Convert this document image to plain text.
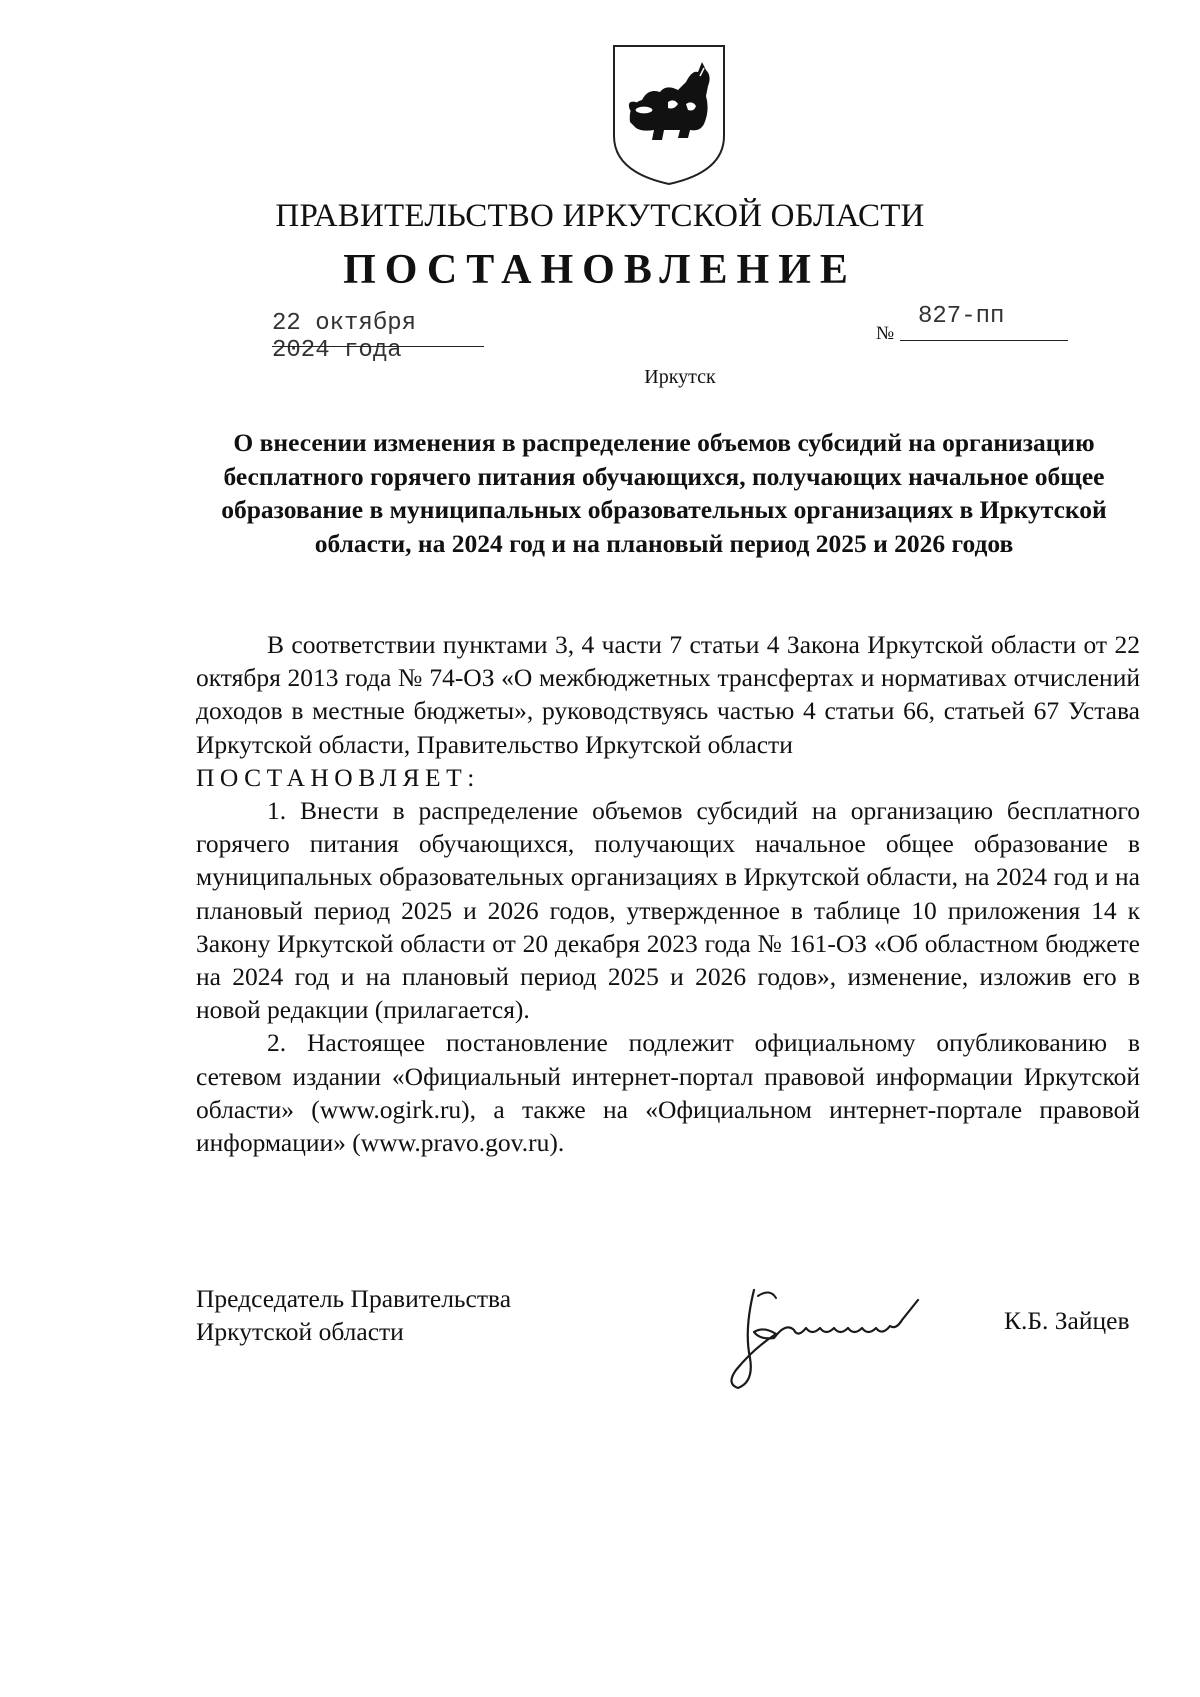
ПРАВИТЕЛЬСТВО ИРКУТСКОЙ ОБЛАСТИ
ПОСТАНОВЛЕНИЕ
22 октября 2024 года
№
827-пп
Иркутск
О внесении изменения в распределение объемов субсидий на организацию бесплатного горячего питания обучающихся, получающих начальное общее образование в муниципальных образовательных организациях в Иркутской области, на 2024 год и на плановый период 2025 и 2026 годов

В соответствии пунктами 3, 4 части 7 статьи 4 Закона Иркутской области от 22 октября 2013 года № 74-ОЗ «О межбюджетных трансфертах и нормативах отчислений доходов в местные бюджеты», руководствуясь частью 4 статьи 66, статьей 67 Устава Иркутской области, Правительство Иркутской области

ПОСТАНОВЛЯЕТ:

1. Внести в распределение объемов субсидий на организацию бесплатного горячего питания обучающихся, получающих начальное общее образование в муниципальных образовательных организациях в Иркутской области, на 2024 год и на плановый период 2025 и 2026 годов, утвержденное в таблице 10 приложения 14 к Закону Иркутской области от 20 декабря 2023 года № 161-ОЗ «Об областном бюджете на 2024 год и на плановый период 2025 и 2026 годов», изменение, изложив его в новой редакции (прилагается).

2. Настоящее постановление подлежит официальному опубликованию в сетевом издании «Официальный интернет-портал правовой информации Иркутской области» (www.ogirk.ru), а также на «Официальном интернет-портале правовой информации» (www.pravo.gov.ru).

Председатель Правительства
Иркутской области	К.Б. Зайцев
